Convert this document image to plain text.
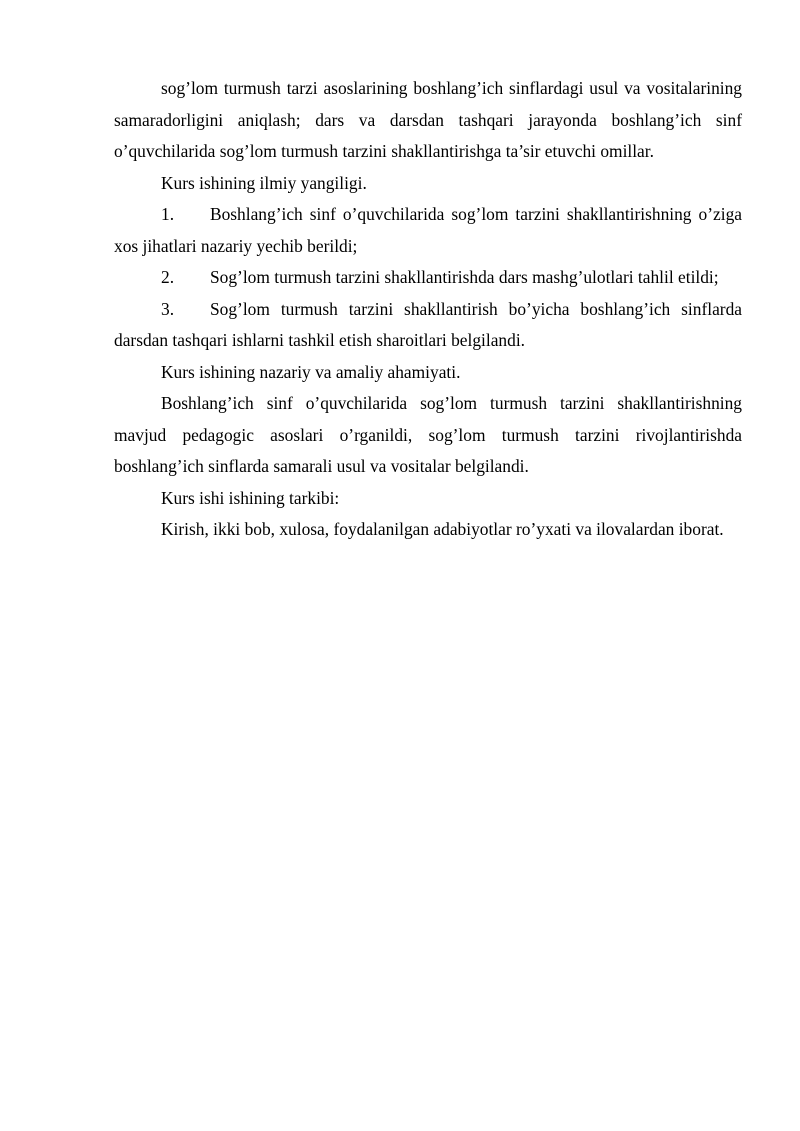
sog’lom turmush tarzi asoslarining boshlang’ich sinflardagi usul va vositalarining samaradorligini aniqlash; dars va darsdan tashqari jarayonda boshlang’ich sinf o’quvchilarida sog’lom turmush tarzini shakllantirishga ta’sir etuvchi omillar.

Kurs ishining ilmiy yangiligi.

1. Boshlang’ich sinf o’quvchilarida sog’lom tarzini shakllantirishning o’ziga xos jihatlari nazariy yechib berildi;

2. Sog’lom turmush tarzini shakllantirishda dars mashg’ulotlari tahlil etildi;

3. Sog’lom turmush tarzini shakllantirish bo’yicha boshlang’ich sinflarda darsdan tashqari ishlarni tashkil etish sharoitlari belgilandi.

Kurs ishining nazariy va amaliy ahamiyati.

Boshlang’ich sinf o’quvchilarida sog’lom turmush tarzini shakllantirishning mavjud pedagogic asoslari o’rganildi, sog’lom turmush tarzini rivojlantirishda boshlang’ich sinflarda samarali usul va vositalar belgilandi.

Kurs ishi ishining tarkibi:

Kirish, ikki bob, xulosa, foydalanilgan adabiyotlar ro’yxati va ilovalardan iborat.
